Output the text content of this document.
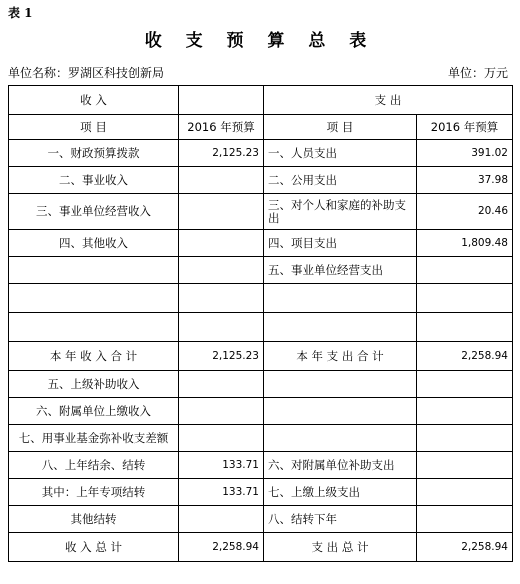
表 1
收 支 预 算 总 表
单位名称：罗湖区科技创新局	单位：万元
收 入		支 出	
项 目	2016 年预算	项 目	2016 年预算
一、财政预算拨款	2,125.23	一、人员支出	391.02
二、事业收入		二、公用支出	37.98
三、事业单位经营收入		三、对个人和家庭的补助支出	20.46
四、其他收入		四、项目支出	1,809.48
		五、事业单位经营支出	

本 年 收 入 合 计	2,125.23	本 年 支 出 合 计	2,258.94
五、上级补助收入			
六、附属单位上缴收入			
七、用事业基金弥补收支差额			
八、上年结余、结转	133.71	六、对附属单位补助支出	
其中：上年专项结转	133.71	七、上缴上级支出	
其他结转		八、结转下年	
收 入 总 计	2,258.94	支 出 总 计	2,258.94
